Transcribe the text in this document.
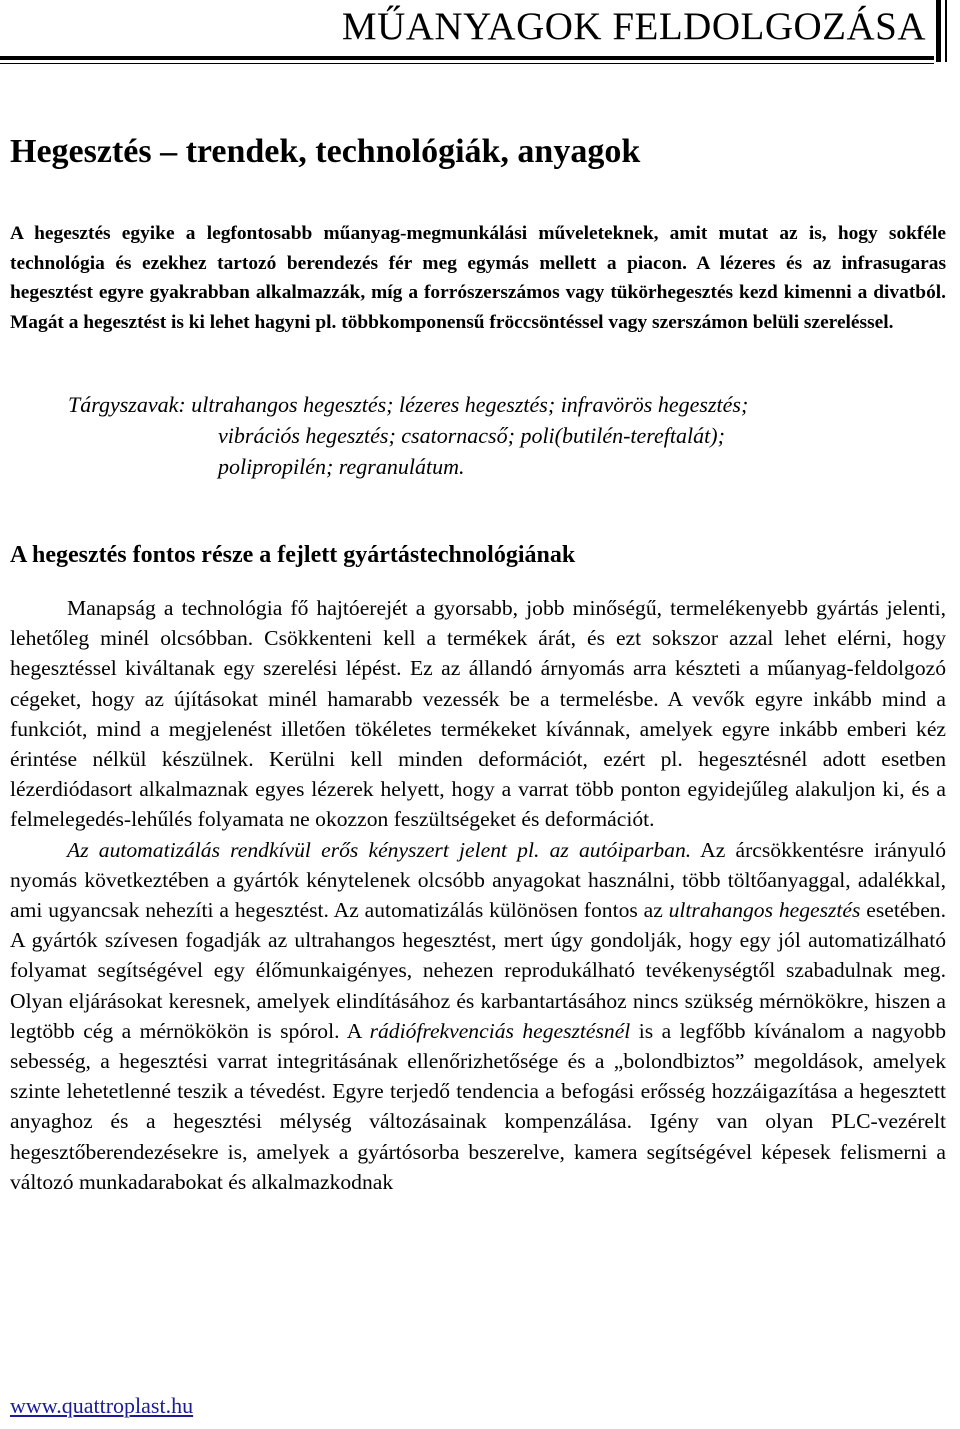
MŰANYAGOK FELDOLGOZÁSA
Hegesztés – trendek, technológiák, anyagok

A hegesztés egyike a legfontosabb műanyag-megmunkálási műveleteknek, amit mutat az is, hogy sokféle technológia és ezekhez tartozó berendezés fér meg egymás mellett a piacon. A lézeres és az infrasugaras hegesztést egyre gyakrabban alkalmazzák, míg a forrószerszámos vagy tükörhegesztés kezd kimenni a divatból. Magát a hegesztést is ki lehet hagyni pl. többkomponensű fröccsöntéssel vagy szerszámon belüli szereléssel.

Tárgyszavak: ultrahangos hegesztés; lézeres hegesztés; infravörös hegesztés;
vibrációs hegesztés; csatornacső; poli(butilén-tereftalát);
polipropilén; regranulátum.
A hegesztés fontos része a fejlett gyártástechnológiának

Manapság a technológia fő hajtóerejét a gyorsabb, jobb minőségű, termelékenyebb gyártás jelenti, lehetőleg minél olcsóbban. Csökkenteni kell a termékek árát, és ezt sokszor azzal lehet elérni, hogy hegesztéssel kiváltanak egy szerelési lépést. Ez az állandó árnyomás arra készteti a műanyag-feldolgozó cégeket, hogy az újításokat minél hamarabb vezessék be a termelésbe. A vevők egyre inkább mind a funkciót, mind a megjelenést illetően tökéletes termékeket kívánnak, amelyek egyre inkább emberi kéz érintése nélkül készülnek. Kerülni kell minden deformációt, ezért pl. hegesztésnél adott esetben lézerdiódasort alkalmaznak egyes lézerek helyett, hogy a varrat több ponton egyidejűleg alakuljon ki, és a felmelegedés-lehűlés folyamata ne okozzon feszültségeket és deformációt.

Az automatizálás rendkívül erős kényszert jelent pl. az autóiparban. Az árcsökkentésre irányuló nyomás következtében a gyártók kénytelenek olcsóbb anyagokat használni, több töltőanyaggal, adalékkal, ami ugyancsak nehezíti a hegesztést. Az automatizálás különösen fontos az ultrahangos hegesztés esetében. A gyártók szívesen fogadják az ultrahangos hegesztést, mert úgy gondolják, hogy egy jól automatizálható folyamat segítségével egy élőmunkaigényes, nehezen reprodukálható tevékenységtől szabadulnak meg. Olyan eljárásokat keresnek, amelyek elindításához és karbantartásához nincs szükség mérnökökre, hiszen a legtöbb cég a mérnökökön is spórol. A rádiófrekvenciás hegesztésnél is a legfőbb kívánalom a nagyobb sebesség, a hegesztési varrat integritásának ellenőrizhetősége és a „bolondbiztos” megoldások, amelyek szinte lehetetlenné teszik a tévedést. Egyre terjedő tendencia a befogási erősség hozzáigazítása a hegesztett anyaghoz és a hegesztési mélység változásainak kompenzálása. Igény van olyan PLC-vezérelt hegesztőberendezésekre is, amelyek a gyártósorba beszerelve, kamera segítségével képesek felismerni a változó munkadarabokat és alkalmazkodnak

www.quattroplast.hu
